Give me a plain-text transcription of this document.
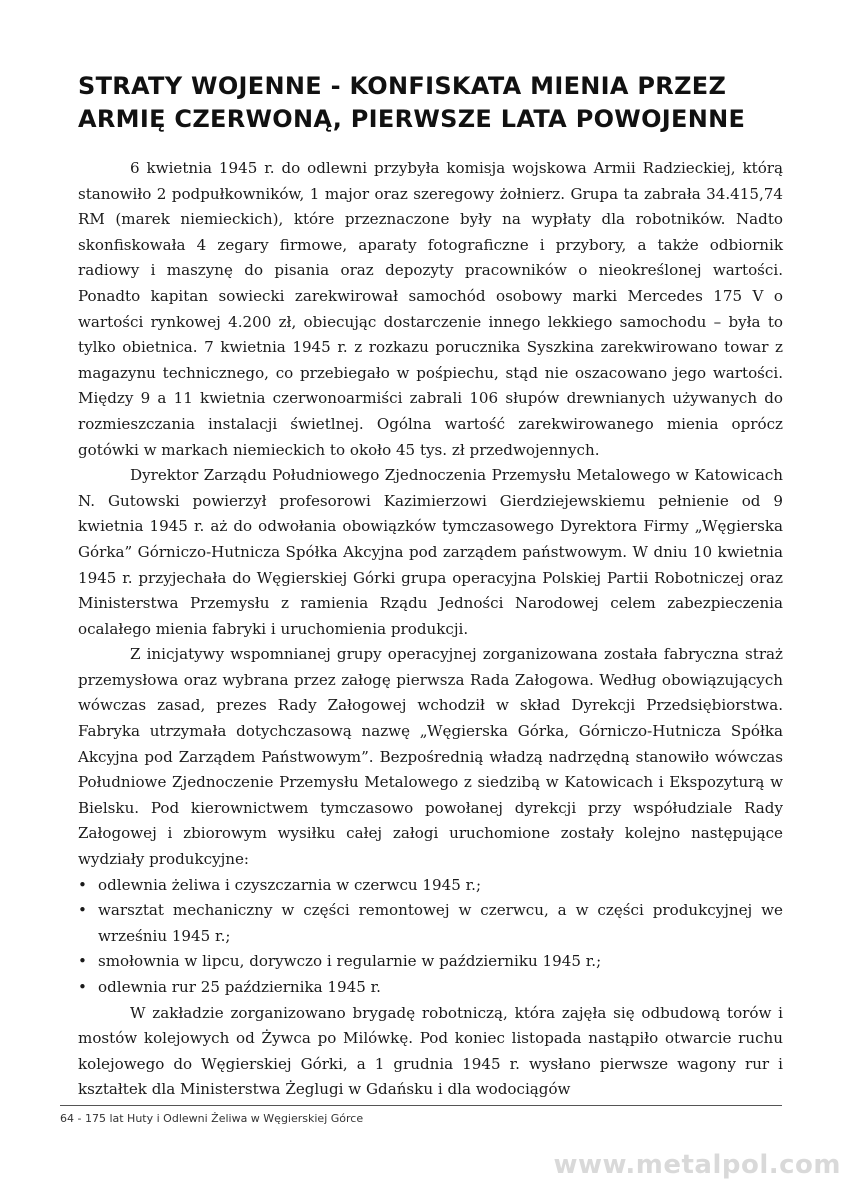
STRATY WOJENNE - KONFISKATA MIENIA PRZEZ
ARMIĘ CZERWONĄ, PIERWSZE LATA POWOJENNE

6 kwietnia 1945 r. do odlewni przybyła komisja wojskowa Armii Radzieckiej, którą stanowiło 2 podpułkowników, 1 major oraz szeregowy żołnierz. Grupa ta zabrała 34.415,74 RM (marek niemieckich), które przeznaczone były na wypłaty dla robotników. Nadto skonfiskowała 4 zegary firmowe, aparaty fotograficzne i przybory, a także odbiornik radiowy i maszynę do pisania oraz depozyty pracowników o nieokreślonej wartości. Ponadto kapitan sowiecki zarekwirował samochód osobowy marki Mercedes 175 V o wartości rynkowej 4.200 zł, obiecując dostarczenie innego lekkiego samochodu – była to tylko obietnica. 7 kwietnia 1945 r. z rozkazu porucznika Syszkina zarekwirowano towar z magazynu technicznego, co przebiegało w pośpiechu, stąd nie oszacowano jego wartości. Między 9 a 11 kwietnia czerwonoarmiści zabrali 106 słupów drewnianych używanych do rozmieszczania instalacji świetlnej. Ogólna wartość zarekwirowanego mienia oprócz gotówki w markach niemieckich to około 45 tys. zł przedwojennych.

Dyrektor Zarządu Południowego Zjednoczenia Przemysłu Metalowego w Katowicach N. Gutowski powierzył profesorowi Kazimierzowi Gierdziejewskiemu pełnienie od 9 kwietnia 1945 r. aż do odwołania obowiązków tymczasowego Dyrektora Firmy „Węgierska Górka” Górniczo-Hutnicza Spółka Akcyjna pod zarządem państwowym. W dniu 10 kwietnia 1945 r. przyjechała do Węgierskiej Górki grupa operacyjna Polskiej Partii Robotniczej oraz Ministerstwa Przemysłu z ramienia Rządu Jedności Narodowej celem zabezpieczenia ocalałego mienia fabryki i uruchomienia produkcji.

Z inicjatywy wspomnianej grupy operacyjnej zorganizowana została fabryczna straż przemysłowa oraz wybrana przez załogę pierwsza Rada Załogowa. Według obowiązujących wówczas zasad, prezes Rady Załogowej wchodził w skład Dyrekcji Przedsiębiorstwa. Fabryka utrzymała dotychczasową nazwę „Węgierska Górka, Górniczo-Hutnicza Spółka Akcyjna pod Zarządem Państwowym”. Bezpośrednią władzą nadrzędną stanowiło wówczas Południowe Zjednoczenie Przemysłu Metalowego z siedzibą w Katowicach i Ekspozyturą w Bielsku. Pod kierownictwem tymczasowo powołanej dyrekcji przy współudziale Rady Załogowej i zbiorowym wysiłku całej załogi uruchomione zostały kolejno następujące wydziały produkcyjne:

• odlewnia żeliwa i czyszczarnia w czerwcu 1945 r.;
• warsztat mechaniczny w części remontowej w czerwcu, a w części produkcyjnej we wrześniu 1945 r.;
• smołownia w lipcu, dorywczo i regularnie w październiku 1945 r.;
• odlewnia rur 25 października 1945 r.

W zakładzie zorganizowano brygadę robotniczą, która zajęła się odbudową torów i mostów kolejowych od Żywca po Milówkę. Pod koniec listopada nastąpiło otwarcie ruchu kolejowego do Węgierskiej Górki, a 1 grudnia 1945 r. wysłano pierwsze wagony rur i kształtek dla Ministerstwa Żeglugi w Gdańsku i dla wodociągów

64 - 175 lat Huty i Odlewni Żeliwa w Węgierskiej Górce
www.metalpol.com
